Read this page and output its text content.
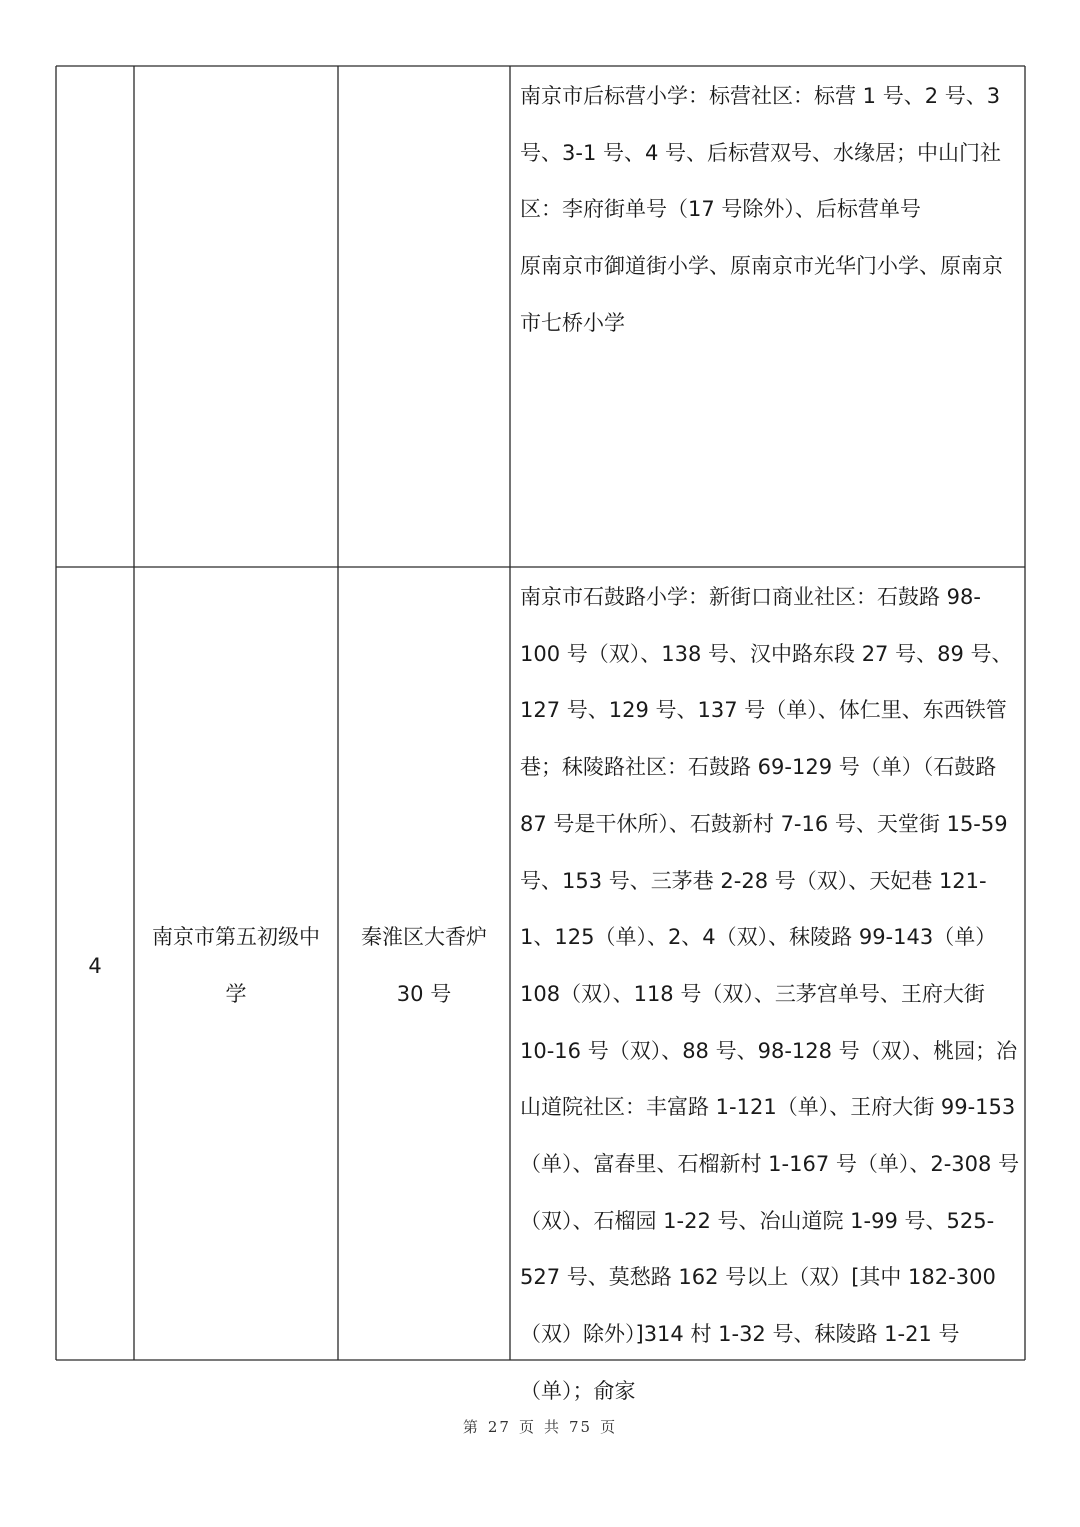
南京市后标营小学：标营社区：标营 1 号、2 号、3 号、3-1 号、4 号、后标营双号、水缘居；中山门社区：李府街单号（17 号除外）、后标营单号

原南京市御道街小学、原南京市光华门小学、原南京市七桥小学

4
南京市第五初级中学
秦淮区大香炉 30 号

南京市石鼓路小学：新街口商业社区：石鼓路 98-100 号（双）、138 号、汉中路东段 27 号、89 号、127 号、129 号、137 号（单）、体仁里、东西铁管巷；秣陵路社区：石鼓路 69-129 号（单）（石鼓路 87 号是干休所）、石鼓新村 7-16 号、天堂街 15-59 号、153 号、三茅巷 2-28 号（双）、天妃巷 121-1、125（单）、2、4（双）、秣陵路 99-143（单）108（双）、118 号（双）、三茅宫单号、王府大街 10-16 号（双）、88 号、98-128 号（双）、桃园；冶山道院社区：丰富路 1-121（单）、王府大街 99-153（单）、富春里、石榴新村 1-167 号（单）、2-308 号（双）、石榴园 1-22 号、冶山道院 1-99 号、525-527 号、莫愁路 162 号以上（双）[其中 182-300（双）除外）]314 村 1-32 号、秣陵路 1-21 号（单）；俞家

第 27 页 共 75 页
